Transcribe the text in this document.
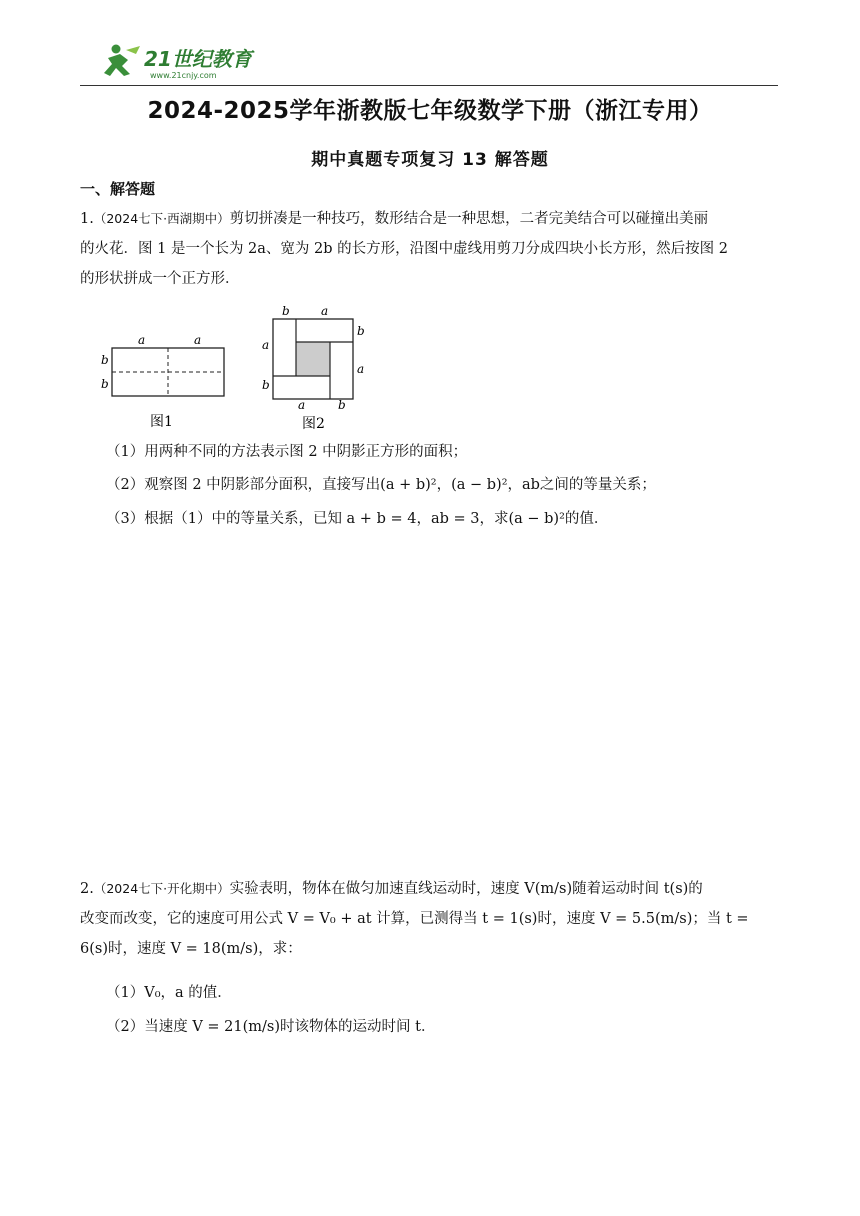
21世纪教育
www.21cnjy.com
2024-2025学年浙教版七年级数学下册（浙江专用）
期中真题专项复习 13 解答题
一、解答题
1.（2024七下·西湖期中）剪切拼凑是一种技巧，数形结合是一种思想，二者完美结合可以碰撞出美丽
的火花．图 1 是一个长为 2a、宽为 2b 的长方形，沿图中虚线用剪刀分成四块小长方形，然后按图 2
的形状拼成一个正方形．
a	a
b
b
图1
b	a
b
a
a
b
a	b
图2
（1）用两种不同的方法表示图 2 中阴影正方形的面积；
（2）观察图 2 中阴影部分面积，直接写出(a + b)²，(a − b)²，ab之间的等量关系；
（3）根据（1）中的等量关系，已知 a + b = 4，ab = 3，求(a − b)²的值．
2.（2024七下·开化期中）实验表明，物体在做匀加速直线运动时，速度 V(m/s)随着运动时间 t(s)的
改变而改变，它的速度可用公式 V = V₀ + at 计算，已测得当 t = 1(s)时，速度 V = 5.5(m/s)；当 t =
6(s)时，速度 V = 18(m/s)，求：
（1）V₀，a 的值．
（2）当速度 V = 21(m/s)时该物体的运动时间 t．
